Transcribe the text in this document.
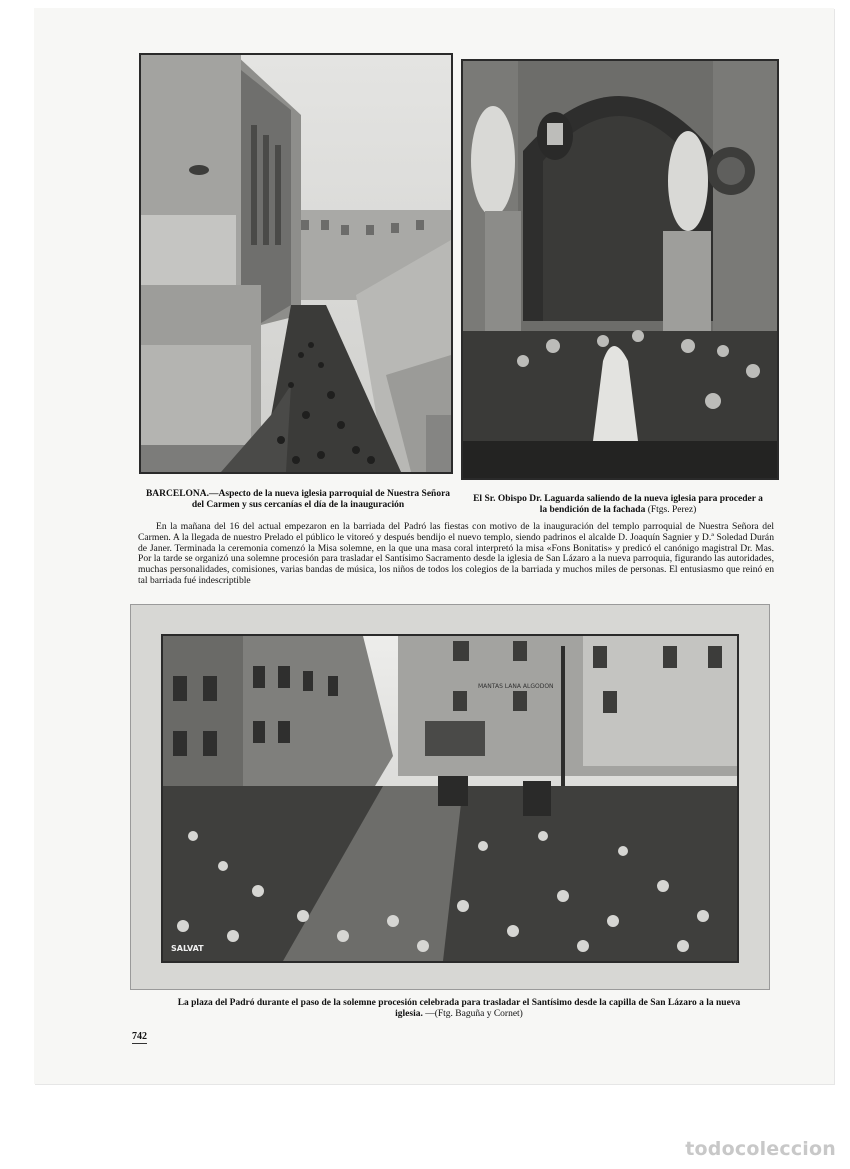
BARCELONA.—Aspecto de la nueva iglesia parroquial de Nuestra Señora del Carmen y sus cercanías el día de la inauguración
El Sr. Obispo Dr. Laguarda saliendo de la nueva iglesia para proceder a la bendición de la fachada (Ftgs. Perez)

En la mañana del 16 del actual empezaron en la barriada del Padró las fiestas con motivo de la inauguración del templo parroquial de Nuestra Señora del Carmen. A la llegada de nuestro Prelado el público le vitoreó y después bendijo el nuevo templo, siendo padrinos el alcalde D. Joaquín Sagnier y D.ª Soledad Durán de Janer. Terminada la ceremonia comenzó la Misa solemne, en la que una masa coral interpretó la misa «Fons Bonitatis» y predicó el canónigo magistral Dr. Mas. Por la tarde se organizó una solemne procesión para trasladar el Santísimo Sacramento desde la iglesia de San Lázaro a la nueva parroquia, figurando las autoridades, muchas personalidades, comisiones, varias bandas de música, los niños de todos los colegios de la barriada y muchos miles de personas. El entusiasmo que reinó en tal barriada fué indescriptible

MANTAS LANA ALGODON
SALVAT
La plaza del Padró durante el paso de la solemne procesión celebrada para trasladar el Santísimo desde la capilla de San Lázaro a la nueva iglesia. —(Ftg. Baguña y Cornet)
742
todocoleccion
